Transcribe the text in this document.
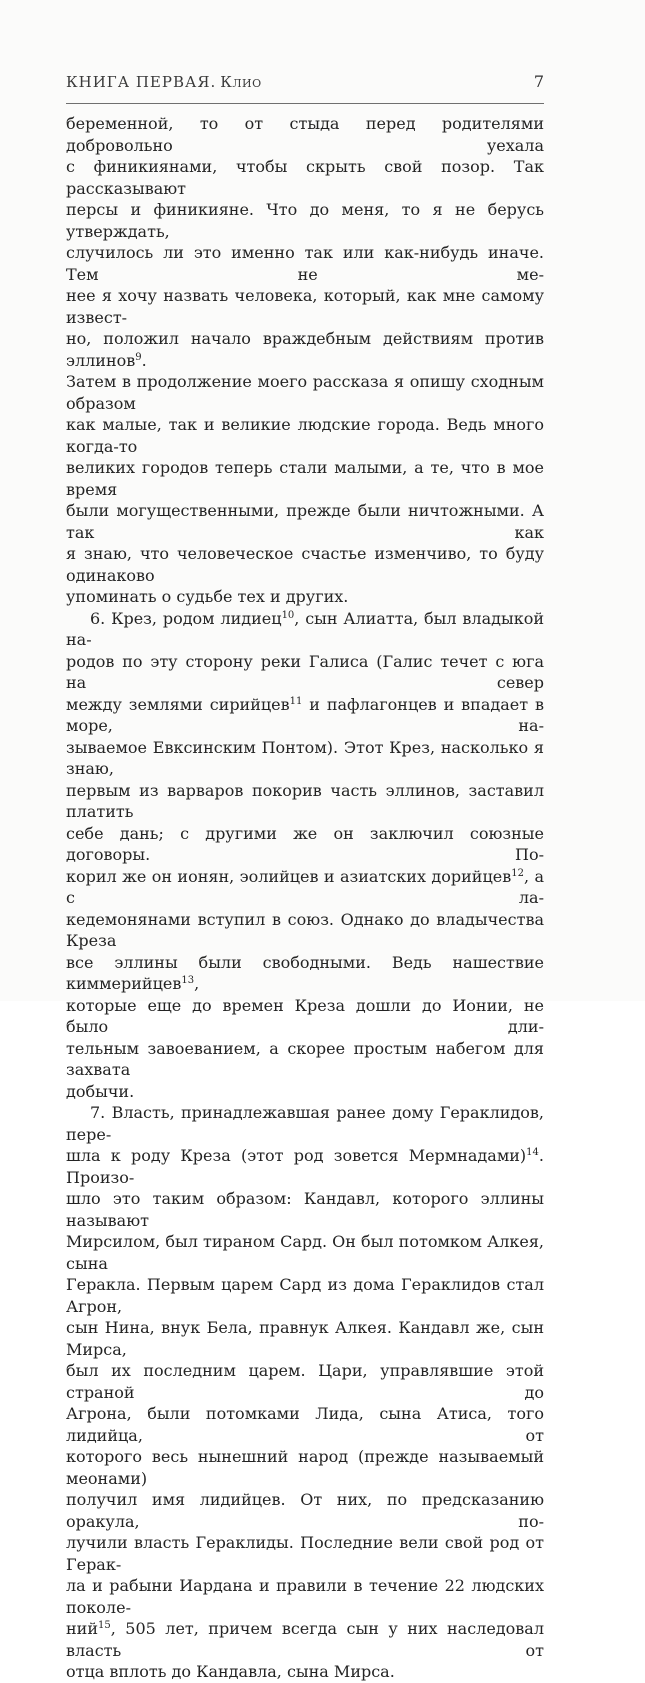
КНИГА ПЕРВАЯ. Клио	7
беременной, то от стыда перед родителями добровольно уехала
с финикиянами, чтобы скрыть свой позор. Так рассказывают
персы и финикияне. Что до меня, то я не берусь утверждать,
случилось ли это именно так или как-нибудь иначе. Тем не ме-
нее я хочу назвать человека, который, как мне самому извест-
но, положил начало враждебным действиям против эллинов$^9$.
Затем в продолжение моего рассказа я опишу сходным образом
как малые, так и великие людские города. Ведь много когда-то
великих городов теперь стали малыми, а те, что в мое время
были могущественными, прежде были ничтожными. А так как
я знаю, что человеческое счастье изменчиво, то буду одинаково
упоминать о судьбе тех и других.
6. Крез, родом лидиец$^{10}$, сын Алиатта, был владыкой на-
родов по эту сторону реки Галиса (Галис течет с юга на север
между землями сирийцев$^{11}$ и пафлагонцев и впадает в море, на-
зываемое Евксинским Понтом). Этот Крез, насколько я знаю,
первым из варваров покорив часть эллинов, заставил платить
себе дань; с другими же он заключил союзные договоры. По-
корил же он ионян, эолийцев и азиатских дорийцев$^{12}$, а с ла-
кедемонянами вступил в союз. Однако до владычества Креза
все эллины были свободными. Ведь нашествие киммерийцев$^{13}$,
которые еще до времен Креза дошли до Ионии, не было дли-
тельным завоеванием, а скорее простым набегом для захвата
добычи.
7. Власть, принадлежавшая ранее дому Гераклидов, пере-
шла к роду Креза (этот род зовется Мермнадами)$^{14}$. Произо-
шло это таким образом: Кандавл, которого эллины называют
Мирсилом, был тираном Сард. Он был потомком Алкея, сына
Геракла. Первым царем Сард из дома Гераклидов стал Агрон,
сын Нина, внук Бела, правнук Алкея. Кандавл же, сын Мирса,
был их последним царем. Цари, управлявшие этой страной до
Агрона, были потомками Лида, сына Атиса, того лидийца, от
которого весь нынешний народ (прежде называемый меонами)
получил имя лидийцев. От них, по предсказанию оракула, по-
лучили власть Гераклиды. Последние вели свой род от Герак-
ла и рабыни Иардана и правили в течение 22 людских поколе-
ний$^{15}$, 505 лет, причем всегда сын у них наследовал власть от
отца вплоть до Кандавла, сына Мирса.
